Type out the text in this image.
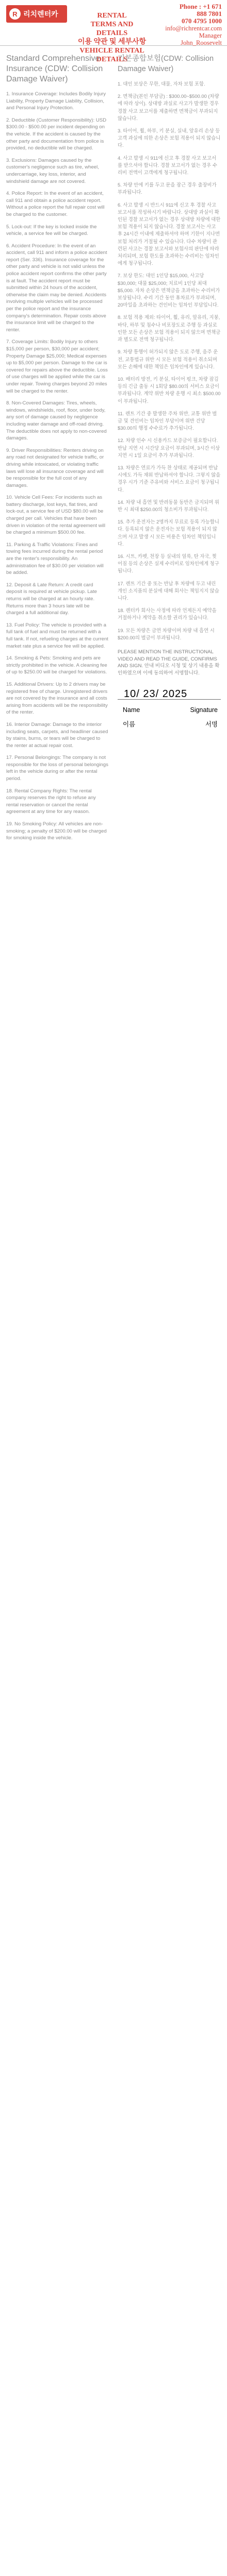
R 리치렌터카	RENTAL
TERMS AND DETAILS
이용 약관 및 세부사항
VEHICLE RENTAL
DETAILS
Phone : +1 671
888 7801
070 4795 1000
info@richrentcar.com
Manager
John_Roosevelt
Standard Comprehensive Insurance (CDW: Collision Damage Waiver)
1. Insurance Coverage: Includes Bodily Injury Liability, Property Damage Liability, Collision, and Personal Injury Protection.
2. Deductible (Customer Responsibility): USD $300.00 - $500.00 per incident depending on the vehicle. If the accident is caused by the other party and documentation from police is provided, no deductible will be charged.
3. Exclusions: Damages caused by the customer's negligence such as tire, wheel, undercarriage, key loss, interior, and windshield damage are not covered.
4. Police Report: In the event of an accident, call 911 and obtain a police accident report. Without a police report the full repair cost will be charged to the customer.
5. Lock-out: If the key is locked inside the vehicle, a service fee will be charged.
6. Accident Procedure: In the event of an accident, call 911 and inform a police accident report (Ser. 336). Insurance coverage for the other party and vehicle is not valid unless the police accident report confirms the other party is at fault. The accident report must be submitted within 24 hours of the accident, otherwise the claim may be denied. Accidents involving multiple vehicles will be processed per the police report and the insurance company's determination. Repair costs above the insurance limit will be charged to the renter.
7. Coverage Limits: Bodily Injury to others $15,000 per person, $30,000 per accident; Property Damage $25,000; Medical expenses up to $5,000 per person. Damage to the car is covered for repairs above the deductible. Loss of use charges will be applied while the car is under repair. Towing charges beyond 20 miles will be charged to the renter.
8. Non-Covered Damages: Tires, wheels, windows, windshields, roof, floor, under body, any sort of damage caused by negligence including water damage and off-road driving. The deductible does not apply to non-covered damages.
9. Driver Responsibilities: Renters driving on any road not designated for vehicle traffic, or driving while intoxicated, or violating traffic laws will lose all insurance coverage and will be responsible for the full cost of any damages.
10. Vehicle Cell Fees: For incidents such as battery discharge, lost keys, flat tires, and lock-out, a service fee of USD $80.00 will be charged per call. Vehicles that have been driven in violation of the rental agreement will be charged a minimum $500.00 fee.
11. Parking & Traffic Violations: Fines and towing fees incurred during the rental period are the renter's responsibility. An administration fee of $30.00 per violation will be added.
12. Deposit & Late Return: A credit card deposit is required at vehicle pickup. Late returns will be charged at an hourly rate. Returns more than 3 hours late will be charged a full additional day.
13. Fuel Policy: The vehicle is provided with a full tank of fuel and must be returned with a full tank. If not, refueling charges at the current market rate plus a service fee will be applied.
14. Smoking & Pets: Smoking and pets are strictly prohibited in the vehicle. A cleaning fee of up to $250.00 will be charged for violations.
15. Additional Drivers: Up to 2 drivers may be registered free of charge. Unregistered drivers are not covered by the insurance and all costs arising from accidents will be the responsibility of the renter.
16. Interior Damage: Damage to the interior including seats, carpets, and headliner caused by stains, burns, or tears will be charged to the renter at actual repair cost.
17. Personal Belongings: The company is not responsible for the loss of personal belongings left in the vehicle during or after the rental period.
18. Rental Company Rights: The rental company reserves the right to refuse any rental reservation or cancel the rental agreement at any time for any reason.
19. No Smoking Policy: All vehicles are non-smoking; a penalty of $200.00 will be charged for smoking inside the vehicle.
기본종합보험(CDW: Collision Damage Waiver)
1. 대인 보상은 무한, 대물, 자차 보험 포함.
2. 면책금(본인 부담금) : $300.00~$500.00 (차량에 따라 상이). 상대방 과실로 사고가 발생한 경우 경찰 사고 보고서를 제출하면 면책금이 부과되지 않습니다.
3. 타이어, 휠, 하부, 키 분실, 실내, 앞유리 손상 등 고객 과실에 의한 손상은 보험 적용이 되지 않습니다.
4. 사고 발생 시 911에 신고 후 경찰 사고 보고서를 받으셔야 합니다. 경찰 보고서가 없는 경우 수리비 전액이 고객에게 청구됩니다.
5. 차량 안에 키를 두고 문을 잠근 경우 출장비가 부과됩니다.
6. 사고 발생 시 반드시 911에 신고 후 경찰 사고 보고서를 작성하시기 바랍니다. 상대방 과실이 확인된 경찰 보고서가 없는 경우 상대방 차량에 대한 보험 적용이 되지 않습니다. 경찰 보고서는 사고 후 24시간 이내에 제출하셔야 하며 기한이 지나면 보험 처리가 거절될 수 있습니다. 다수 차량이 관련된 사고는 경찰 보고서와 보험사의 판단에 따라 처리되며, 보험 한도를 초과하는 수리비는 임차인에게 청구됩니다.
7. 보상 한도: 대인 1인당 $15,000, 사고당 $30,000; 대물 $25,000; 치료비 1인당 최대 $5,000. 자차 손상은 면책금을 초과하는 수리비가 보상됩니다. 수리 기간 동안 휴차료가 부과되며, 20마일을 초과하는 견인비는 임차인 부담입니다.
8. 보험 적용 제외: 타이어, 휠, 유리, 앞유리, 지붕, 바닥, 하부 및 침수나 비포장도로 주행 등 과실로 인한 모든 손상은 보험 적용이 되지 않으며 면책금과 별도로 전액 청구됩니다.
9. 차량 통행이 허가되지 않은 도로 주행, 음주 운전, 교통법규 위반 시 모든 보험 적용이 취소되며 모든 손해에 대한 책임은 임차인에게 있습니다.
10. 배터리 방전, 키 분실, 타이어 펑크, 차량 잠김 등의 긴급 출동 시 1회당 $80.00의 서비스 요금이 부과됩니다. 계약 위반 차량 운행 시 최소 $500.00이 부과됩니다.
11. 렌트 기간 중 발생한 주차 위반, 교통 위반 벌금 및 견인비는 임차인 부담이며 위반 건당 $30.00의 행정 수수료가 추가됩니다.
12. 차량 인수 시 신용카드 보증금이 필요합니다. 반납 지연 시 시간당 요금이 부과되며, 3시간 이상 지연 시 1일 요금이 추가 부과됩니다.
13. 차량은 연료가 가득 찬 상태로 제공되며 반납 시에도 가득 채워 반납하셔야 합니다. 그렇지 않을 경우 시가 기준 주유비와 서비스 요금이 청구됩니다.
14. 차량 내 흡연 및 반려동물 동반은 금지되며 위반 시 최대 $250.00의 청소비가 부과됩니다.
15. 추가 운전자는 2명까지 무료로 등록 가능합니다. 등록되지 않은 운전자는 보험 적용이 되지 않으며 사고 발생 시 모든 비용은 임차인 책임입니다.
16. 시트, 카펫, 천장 등 실내의 얼룩, 탄 자국, 찢어짐 등의 손상은 실제 수리비로 임차인에게 청구됩니다.
17. 렌트 기간 중 또는 반납 후 차량에 두고 내린 개인 소지품의 분실에 대해 회사는 책임지지 않습니다.
18. 렌터카 회사는 사정에 따라 언제든지 예약을 거절하거나 계약을 취소할 권리가 있습니다.
19. 모든 차량은 금연 차량이며 차량 내 흡연 시 $200.00의 벌금이 부과됩니다.
PLEASE MENTION THE INSTRUCTIONAL VIDEO AND READ THE GUIDE, CONFIRMS AND SIGN. 안내 비디오 시청 및 상기 내용을 확인하였으며 이에 동의하여 서명합니다.
10/ 23/ 2025
Name	Signature
이름	서명
